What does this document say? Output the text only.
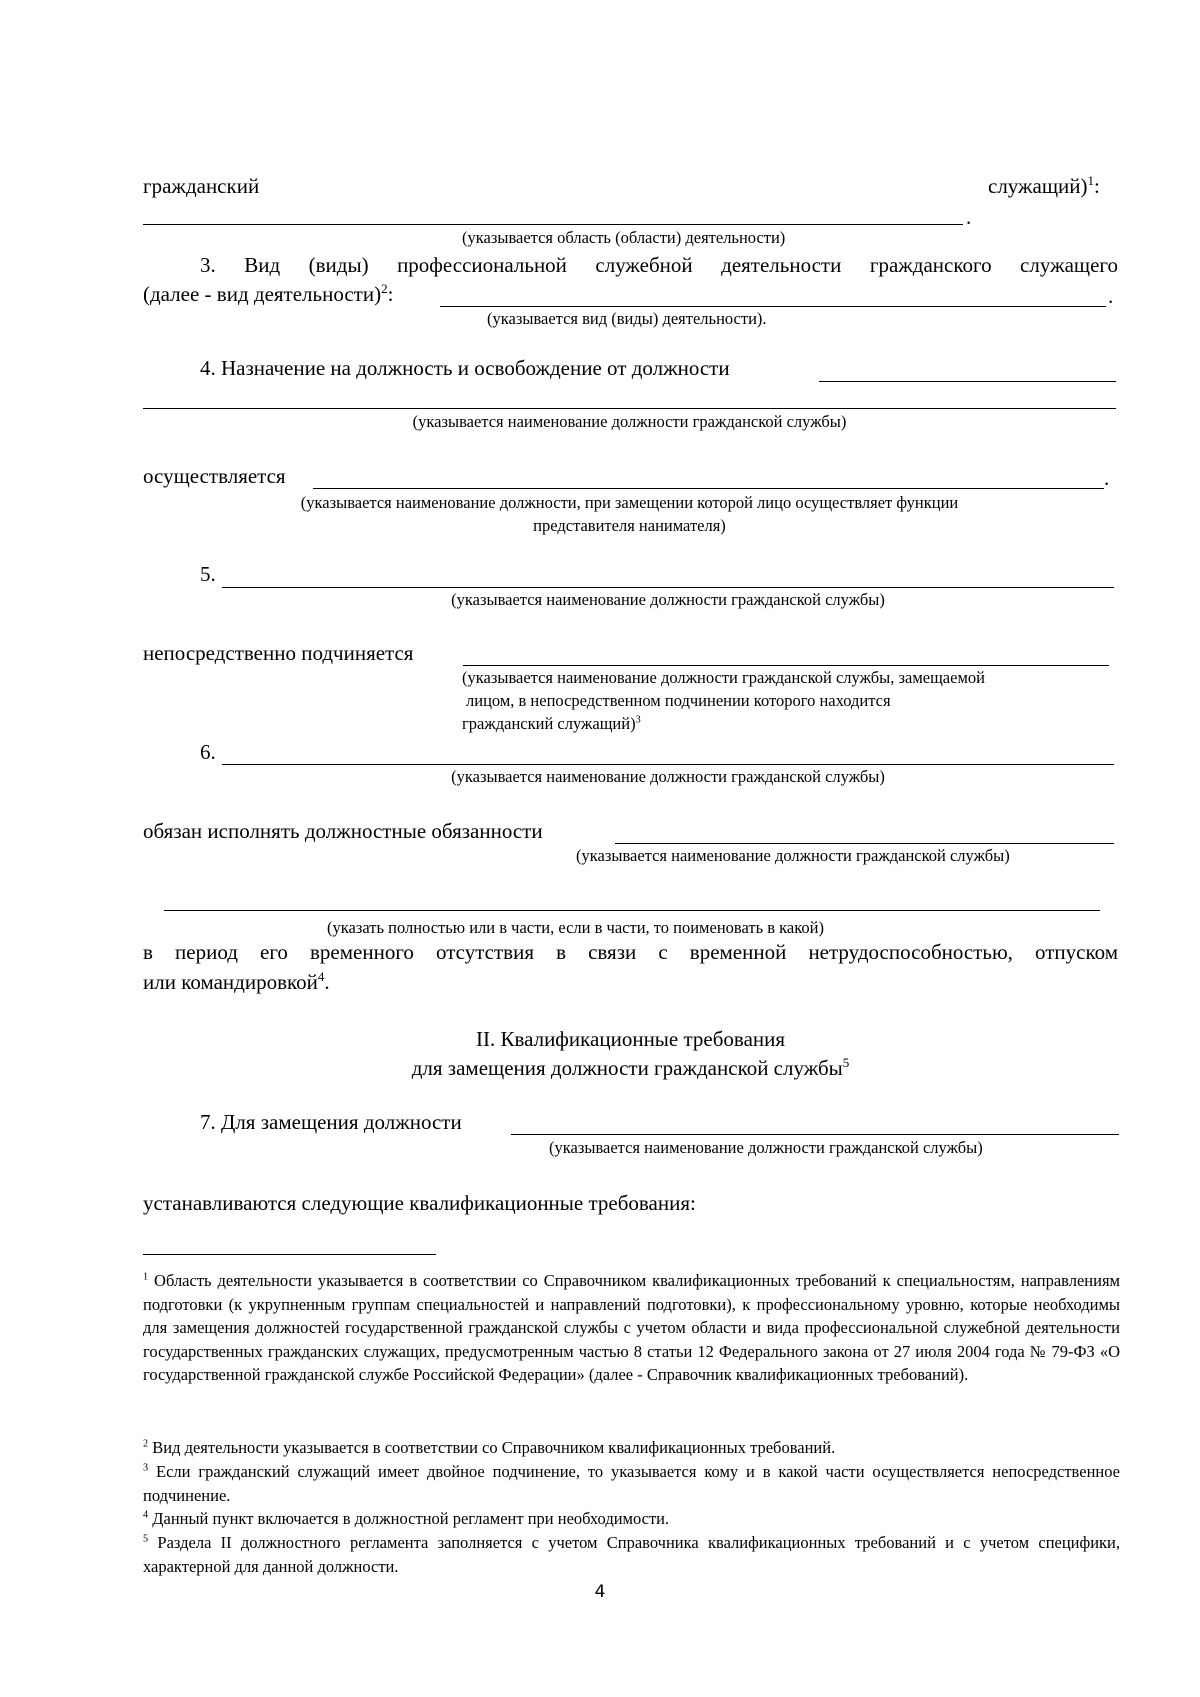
гражданский	служащий)$^1$:
.
(указывается область (области) деятельности)
3. Вид (виды) профессиональной служебной деятельности гражданского служащего
(далее - вид деятельности)$^2$:	.
(указывается вид (виды) деятельности).
4. Назначение на должность и освобождение от должности
(указывается наименование должности гражданской службы)
осуществляется	.
(указывается наименование должности, при замещении которой лицо осуществляет функции
представителя нанимателя)
5.
(указывается наименование должности гражданской службы)
непосредственно подчиняется
(указывается наименование должности гражданской службы, замещаемой
лицом, в непосредственном подчинении которого находится
гражданский служащий)$^3$
6.
(указывается наименование должности гражданской службы)
обязан исполнять должностные обязанности
(указывается наименование должности гражданской службы)
(указать полностью или в части, если в части, то поименовать в какой)
в период его временного отсутствия в связи с временной нетрудоспособностью, отпуском
или командировкой$^4$.
II. Квалификационные требования
для замещения должности гражданской службы$^5$
7. Для замещения должности
(указывается наименование должности гражданской службы)
устанавливаются следующие квалификационные требования:
$^1$ Область деятельности указывается в соответствии со Справочником квалификационных требований к специальностям, направлениям подготовки (к укрупненным группам специальностей и направлений подготовки), к профессиональному уровню, которые необходимы для замещения должностей государственной гражданской службы с учетом области и вида профессиональной служебной деятельности государственных гражданских служащих, предусмотренным частью 8 статьи 12 Федерального закона от 27 июля 2004 года № 79-ФЗ «О государственной гражданской службе Российской Федерации» (далее - Справочник квалификационных требований).
$^2$ Вид деятельности указывается в соответствии со Справочником квалификационных требований.
$^3$ Если гражданский служащий имеет двойное подчинение, то указывается кому и в какой части осуществляется непосредственное подчинение.
$^4$ Данный пункт включается в должностной регламент при необходимости.
$^5$ Раздела II должностного регламента заполняется с учетом Справочника квалификационных требований и с учетом специфики, характерной для данной должности.
4
